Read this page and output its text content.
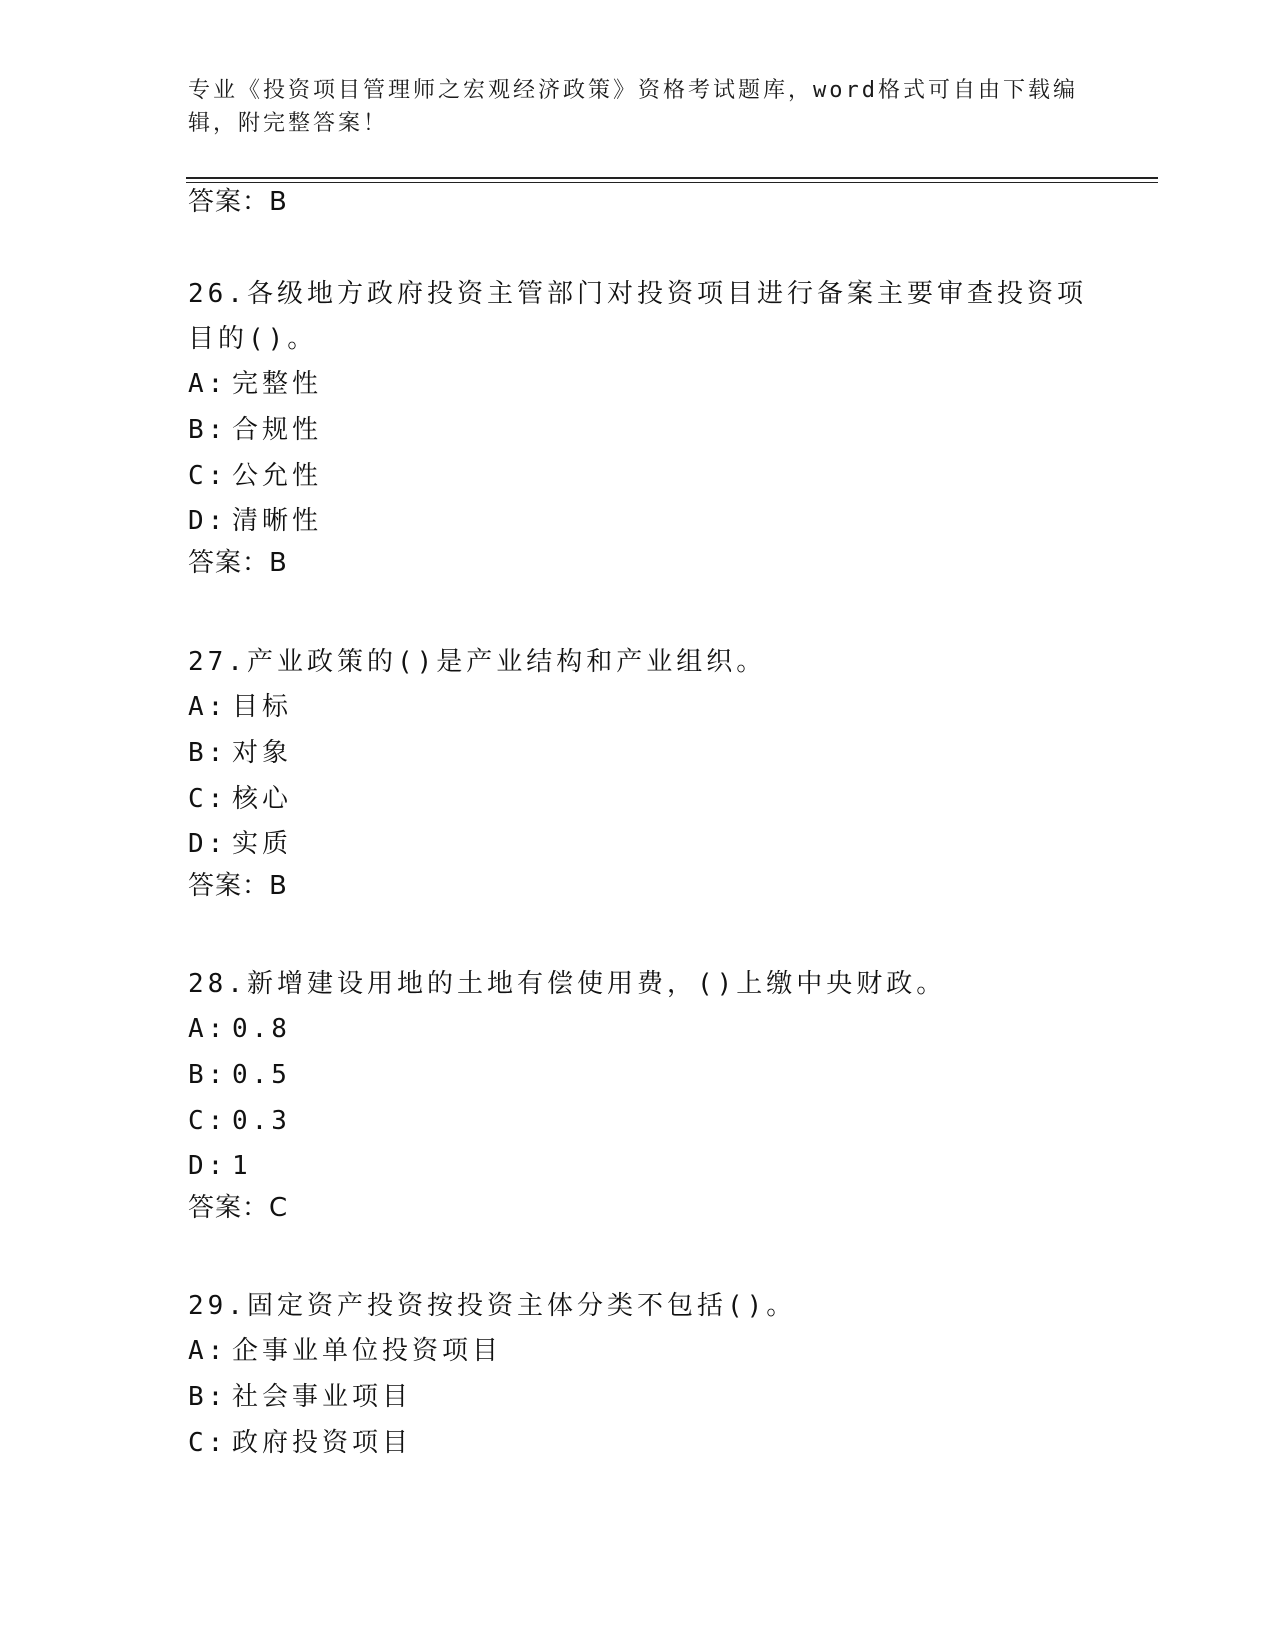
专业《投资项目管理师之宏观经济政策》资格考试题库，word格式可自由下载编辑，附完整答案！
答案：B
26.各级地方政府投资主管部门对投资项目进行备案主要审查投资项目的()。
A: 完整性
B: 合规性
C: 公允性
D: 清晰性
答案：B
27.产业政策的()是产业结构和产业组织。
A: 目标
B: 对象
C: 核心
D: 实质
答案：B
28.新增建设用地的土地有偿使用费，()上缴中央财政。
A: 0.8
B: 0.5
C: 0.3
D: 1
答案：C
29.固定资产投资按投资主体分类不包括()。
A: 企事业单位投资项目
B: 社会事业项目
C: 政府投资项目
